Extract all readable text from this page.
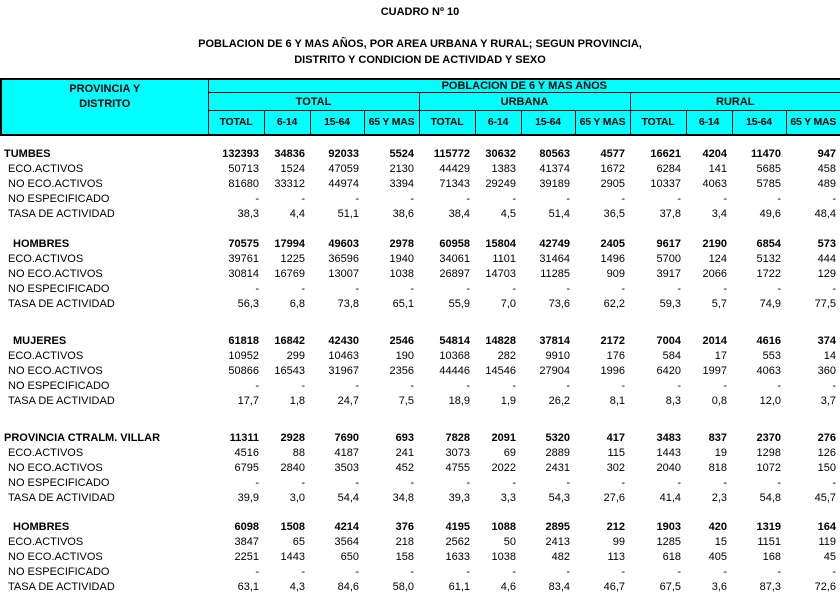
CUADRO Nº 10
POBLACION DE 6 Y MAS AÑOS, POR AREA URBANA Y RURAL; SEGUN PROVINCIA,
DISTRITO Y CONDICION DE ACTIVIDAD Y SEXO
PROVINCIA Y
DISTRITO	POBLACION DE 6 Y MAS AÑOS											
	TOTAL				URBANA				RURAL			
	TOTAL	6-14	15-64	65 Y MAS	TOTAL	6-14	15-64	65 Y MAS	TOTAL	6-14	15-64	65 Y MAS
TUMBES	132393	34836	92033	5524	115772	30632	80563	4577	16621	4204	11470	947
ECO.ACTIVOS	50713	1524	47059	2130	44429	1383	41374	1672	6284	141	5685	458
NO ECO.ACTIVOS	81680	33312	44974	3394	71343	29249	39189	2905	10337	4063	5785	489
NO ESPECIFICADO	-	-	-	-	-	-	-	-	-	-	-	-
TASA DE ACTIVIDAD	38,3	4,4	51,1	38,6	38,4	4,5	51,4	36,5	37,8	3,4	49,6	48,4

HOMBRES	70575	17994	49603	2978	60958	15804	42749	2405	9617	2190	6854	573
ECO.ACTIVOS	39761	1225	36596	1940	34061	1101	31464	1496	5700	124	5132	444
NO ECO.ACTIVOS	30814	16769	13007	1038	26897	14703	11285	909	3917	2066	1722	129
NO ESPECIFICADO	-	-	-	-	-	-	-	-	-	-	-	-
TASA DE ACTIVIDAD	56,3	6,8	73,8	65,1	55,9	7,0	73,6	62,2	59,3	5,7	74,9	77,5

MUJERES	61818	16842	42430	2546	54814	14828	37814	2172	7004	2014	4616	374
ECO.ACTIVOS	10952	299	10463	190	10368	282	9910	176	584	17	553	14
NO ECO.ACTIVOS	50866	16543	31967	2356	44446	14546	27904	1996	6420	1997	4063	360
NO ESPECIFICADO	-	-	-	-	-	-	-	-	-	-	-	-
TASA DE ACTIVIDAD	17,7	1,8	24,7	7,5	18,9	1,9	26,2	8,1	8,3	0,8	12,0	3,7

PROVINCIA CTRALM. VILLAR	11311	2928	7690	693	7828	2091	5320	417	3483	837	2370	276
ECO.ACTIVOS	4516	88	4187	241	3073	69	2889	115	1443	19	1298	126
NO ECO.ACTIVOS	6795	2840	3503	452	4755	2022	2431	302	2040	818	1072	150
NO ESPECIFICADO	-	-	-	-	-	-	-	-	-	-	-	-
TASA DE ACTIVIDAD	39,9	3,0	54,4	34,8	39,3	3,3	54,3	27,6	41,4	2,3	54,8	45,7

HOMBRES	6098	1508	4214	376	4195	1088	2895	212	1903	420	1319	164
ECO.ACTIVOS	3847	65	3564	218	2562	50	2413	99	1285	15	1151	119
NO ECO.ACTIVOS	2251	1443	650	158	1633	1038	482	113	618	405	168	45
NO ESPECIFICADO	-	-	-	-	-	-	-	-	-	-	-	-
TASA DE ACTIVIDAD	63,1	4,3	84,6	58,0	61,1	4,6	83,4	46,7	67,5	3,6	87,3	72,6
